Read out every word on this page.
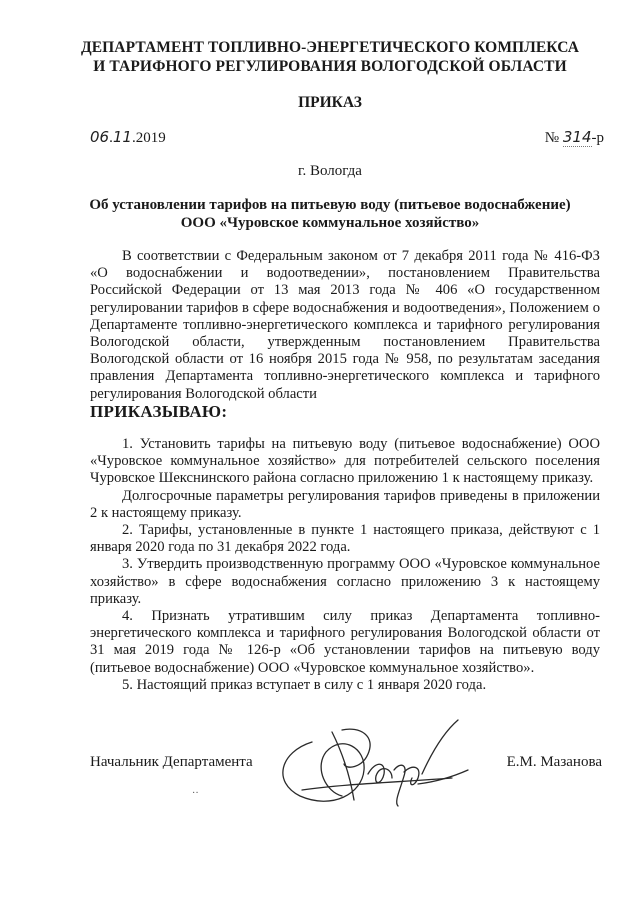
ДЕПАРТАМЕНТ ТОПЛИВНО-ЭНЕРГЕТИЧЕСКОГО КОМПЛЕКСА
И ТАРИФНОГО РЕГУЛИРОВАНИЯ ВОЛОГОДСКОЙ ОБЛАСТИ
ПРИКАЗ
06.11.2019	№ 314-р
г. Вологда
Об установлении тарифов на питьевую воду (питьевое водоснабжение)
ООО «Чуровское коммунальное хозяйство»

В соответствии с Федеральным законом от 7 декабря 2011 года № 416-ФЗ «О водоснабжении и водоотведении», постановлением Правительства Российской Федерации от 13 мая 2013 года № 406 «О государственном регулировании тарифов в сфере водоснабжения и водоотведения», Положением о Департаменте топливно-энергетического комплекса и тарифного регулирования Вологодской области, утвержденным постановлением Правительства Вологодской области от 16 ноября 2015 года № 958, по результатам заседания правления Департамента топливно-энергетического комплекса и тарифного регулирования Вологодской области

ПРИКАЗЫВАЮ:

1. Установить тарифы на питьевую воду (питьевое водоснабжение) ООО «Чуровское коммунальное хозяйство» для потребителей сельского поселения Чуровское Шекснинского района согласно приложению 1 к настоящему приказу.

Долгосрочные параметры регулирования тарифов приведены в приложении 2 к настоящему приказу.

2. Тарифы, установленные в пункте 1 настоящего приказа, действуют с 1 января 2020 года по 31 декабря 2022 года.

3. Утвердить производственную программу ООО «Чуровское коммунальное хозяйство» в сфере водоснабжения согласно приложению 3 к настоящему приказу.

4. Признать утратившим силу приказ Департамента топливно-энергетического комплекса и тарифного регулирования Вологодской области от 31 мая 2019 года № 126-р «Об установлении тарифов на питьевую воду (питьевое водоснабжение) ООО «Чуровское коммунальное хозяйство».

5. Настоящий приказ вступает в силу с 1 января 2020 года.

Начальник Департамента	Е.М. Мазанова
··
